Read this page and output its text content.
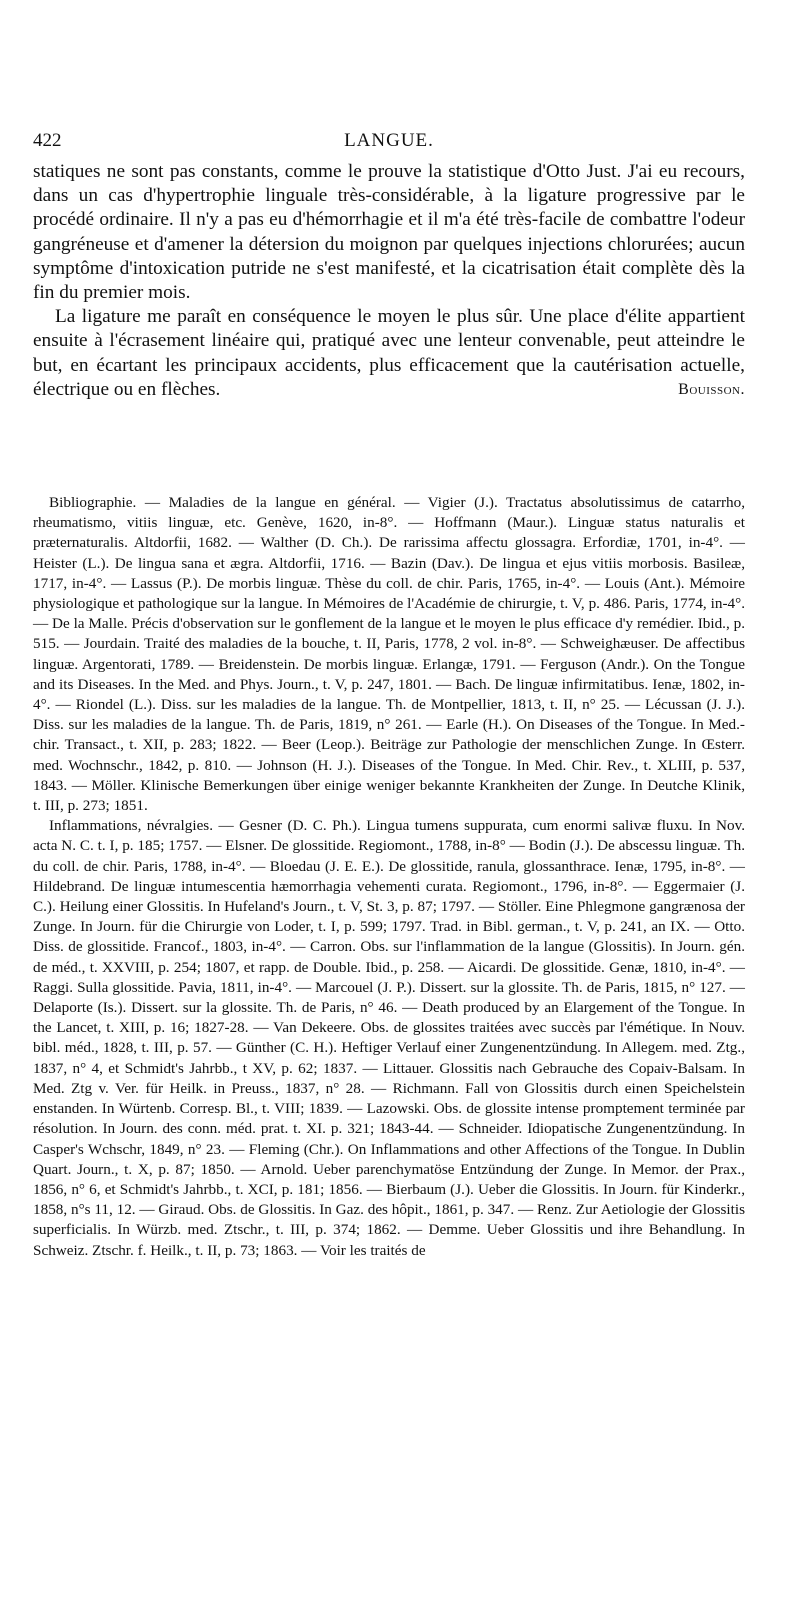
422	LANGUE.

statiques ne sont pas constants, comme le prouve la statistique d'Otto Just. J'ai eu recours, dans un cas d'hypertrophie linguale très-considérable, à la ligature progressive par le procédé ordinaire. Il n'y a pas eu d'hémorrhagie et il m'a été très-facile de combattre l'odeur gangréneuse et d'amener la détersion du moignon par quelques injections chlorurées; aucun symptôme d'intoxication putride ne s'est manifesté, et la cicatrisation était complète dès la fin du premier mois.

La ligature me paraît en conséquence le moyen le plus sûr. Une place d'élite appartient ensuite à l'écrasement linéaire qui, pratiqué avec une lenteur convenable, peut atteindre le but, en écartant les principaux accidents, plus efficacement que la cautérisation actuelle, électrique ou en flèches.	Bouisson.

Bibliographie. — Maladies de la langue en général. — Vigier (J.). Tractatus absolutissimus de catarrho, rheumatismo, vitiis linguæ, etc. Genève, 1620, in-8°. — Hoffmann (Maur.). Linguæ status naturalis et præternaturalis. Altdorfii, 1682. — Walther (D. Ch.). De rarissima affectu glossagra. Erfordiæ, 1701, in-4°. — Heister (L.). De lingua sana et ægra. Altdorfii, 1716. — Bazin (Dav.). De lingua et ejus vitiis morbosis. Basileæ, 1717, in-4°. — Lassus (P.). De morbis linguæ. Thèse du coll. de chir. Paris, 1765, in-4°. — Louis (Ant.). Mémoire physiologique et pathologique sur la langue. In Mémoires de l'Académie de chirurgie, t. V, p. 486. Paris, 1774, in-4°. — De la Malle. Précis d'observation sur le gonflement de la langue et le moyen le plus efficace d'y remédier. Ibid., p. 515. — Jourdain. Traité des maladies de la bouche, t. II, Paris, 1778, 2 vol. in-8°. — Schweighæuser. De affectibus linguæ. Argentorati, 1789. — Breidenstein. De morbis linguæ. Erlangæ, 1791. — Ferguson (Andr.). On the Tongue and its Diseases. In the Med. and Phys. Journ., t. V, p. 247, 1801. — Bach. De linguæ infirmitatibus. Ienæ, 1802, in-4°. — Riondel (L.). Diss. sur les maladies de la langue. Th. de Montpellier, 1813, t. II, n° 25. — Lécussan (J. J.). Diss. sur les maladies de la langue. Th. de Paris, 1819, n° 261. — Earle (H.). On Diseases of the Tongue. In Med.-chir. Transact., t. XII, p. 283; 1822. — Beer (Leop.). Beiträge zur Pathologie der menschlichen Zunge. In Œsterr. med. Wochnschr., 1842, p. 810. — Johnson (H. J.). Diseases of the Tongue. In Med. Chir. Rev., t. XLIII, p. 537, 1843. — Möller. Klinische Bemerkungen über einige weniger bekannte Krankheiten der Zunge. In Deutche Klinik, t. III, p. 273; 1851.

Inflammations, névralgies. — Gesner (D. C. Ph.). Lingua tumens suppurata, cum enormi salivæ fluxu. In Nov. acta N. C. t. I, p. 185; 1757. — Elsner. De glossitide. Regiomont., 1788, in-8° — Bodin (J.). De abscessu linguæ. Th. du coll. de chir. Paris, 1788, in-4°. — Bloedau (J. E. E.). De glossitide, ranula, glossanthrace. Ienæ, 1795, in-8°. — Hildebrand. De linguæ intumescentia hæmorrhagia vehementi curata. Regiomont., 1796, in-8°. — Eggermaier (J. C.). Heilung einer Glossitis. In Hufeland's Journ., t. V, St. 3, p. 87; 1797. — Stöller. Eine Phlegmone gangrænosa der Zunge. In Journ. für die Chirurgie von Loder, t. I, p. 599; 1797. Trad. in Bibl. german., t. V, p. 241, an IX. — Otto. Diss. de glossitide. Francof., 1803, in-4°. — Carron. Obs. sur l'inflammation de la langue (Glossitis). In Journ. gén. de méd., t. XXVIII, p. 254; 1807, et rapp. de Double. Ibid., p. 258. — Aicardi. De glossitide. Genæ, 1810, in-4°. — Raggi. Sulla glossitide. Pavia, 1811, in-4°. — Marcouel (J. P.). Dissert. sur la glossite. Th. de Paris, 1815, n° 127. — Delaporte (Is.). Dissert. sur la glossite. Th. de Paris, n° 46. — Death produced by an Elargement of the Tongue. In the Lancet, t. XIII, p. 16; 1827-28. — Van Dekeere. Obs. de glossites traitées avec succès par l'émétique. In Nouv. bibl. méd., 1828, t. III, p. 57. — Günther (C. H.). Heftiger Verlauf einer Zungenentzündung. In Allegem. med. Ztg., 1837, n° 4, et Schmidt's Jahrbb., t XV, p. 62; 1837. — Littauer. Glossitis nach Gebrauche des Copaiv-Balsam. In Med. Ztg v. Ver. für Heilk. in Preuss., 1837, n° 28. — Richmann. Fall von Glossitis durch einen Speichelstein enstanden. In Würtenb. Corresp. Bl., t. VIII; 1839. — Lazowski. Obs. de glossite intense promptement terminée par résolution. In Journ. des conn. méd. prat. t. XI. p. 321; 1843-44. — Schneider. Idiopatische Zungenentzündung. In Casper's Wchschr, 1849, n° 23. — Fleming (Chr.). On Inflammations and other Affections of the Tongue. In Dublin Quart. Journ., t. X, p. 87; 1850. — Arnold. Ueber parenchymatöse Entzündung der Zunge. In Memor. der Prax., 1856, n° 6, et Schmidt's Jahrbb., t. XCI, p. 181; 1856. — Bierbaum (J.). Ueber die Glossitis. In Journ. für Kinderkr., 1858, n°s 11, 12. — Giraud. Obs. de Glossitis. In Gaz. des hôpit., 1861, p. 347. — Renz. Zur Aetiologie der Glossitis superficialis. In Würzb. med. Ztschr., t. III, p. 374; 1862. — Demme. Ueber Glossitis und ihre Behandlung. In Schweiz. Ztschr. f. Heilk., t. II, p. 73; 1863. — Voir les traités de
